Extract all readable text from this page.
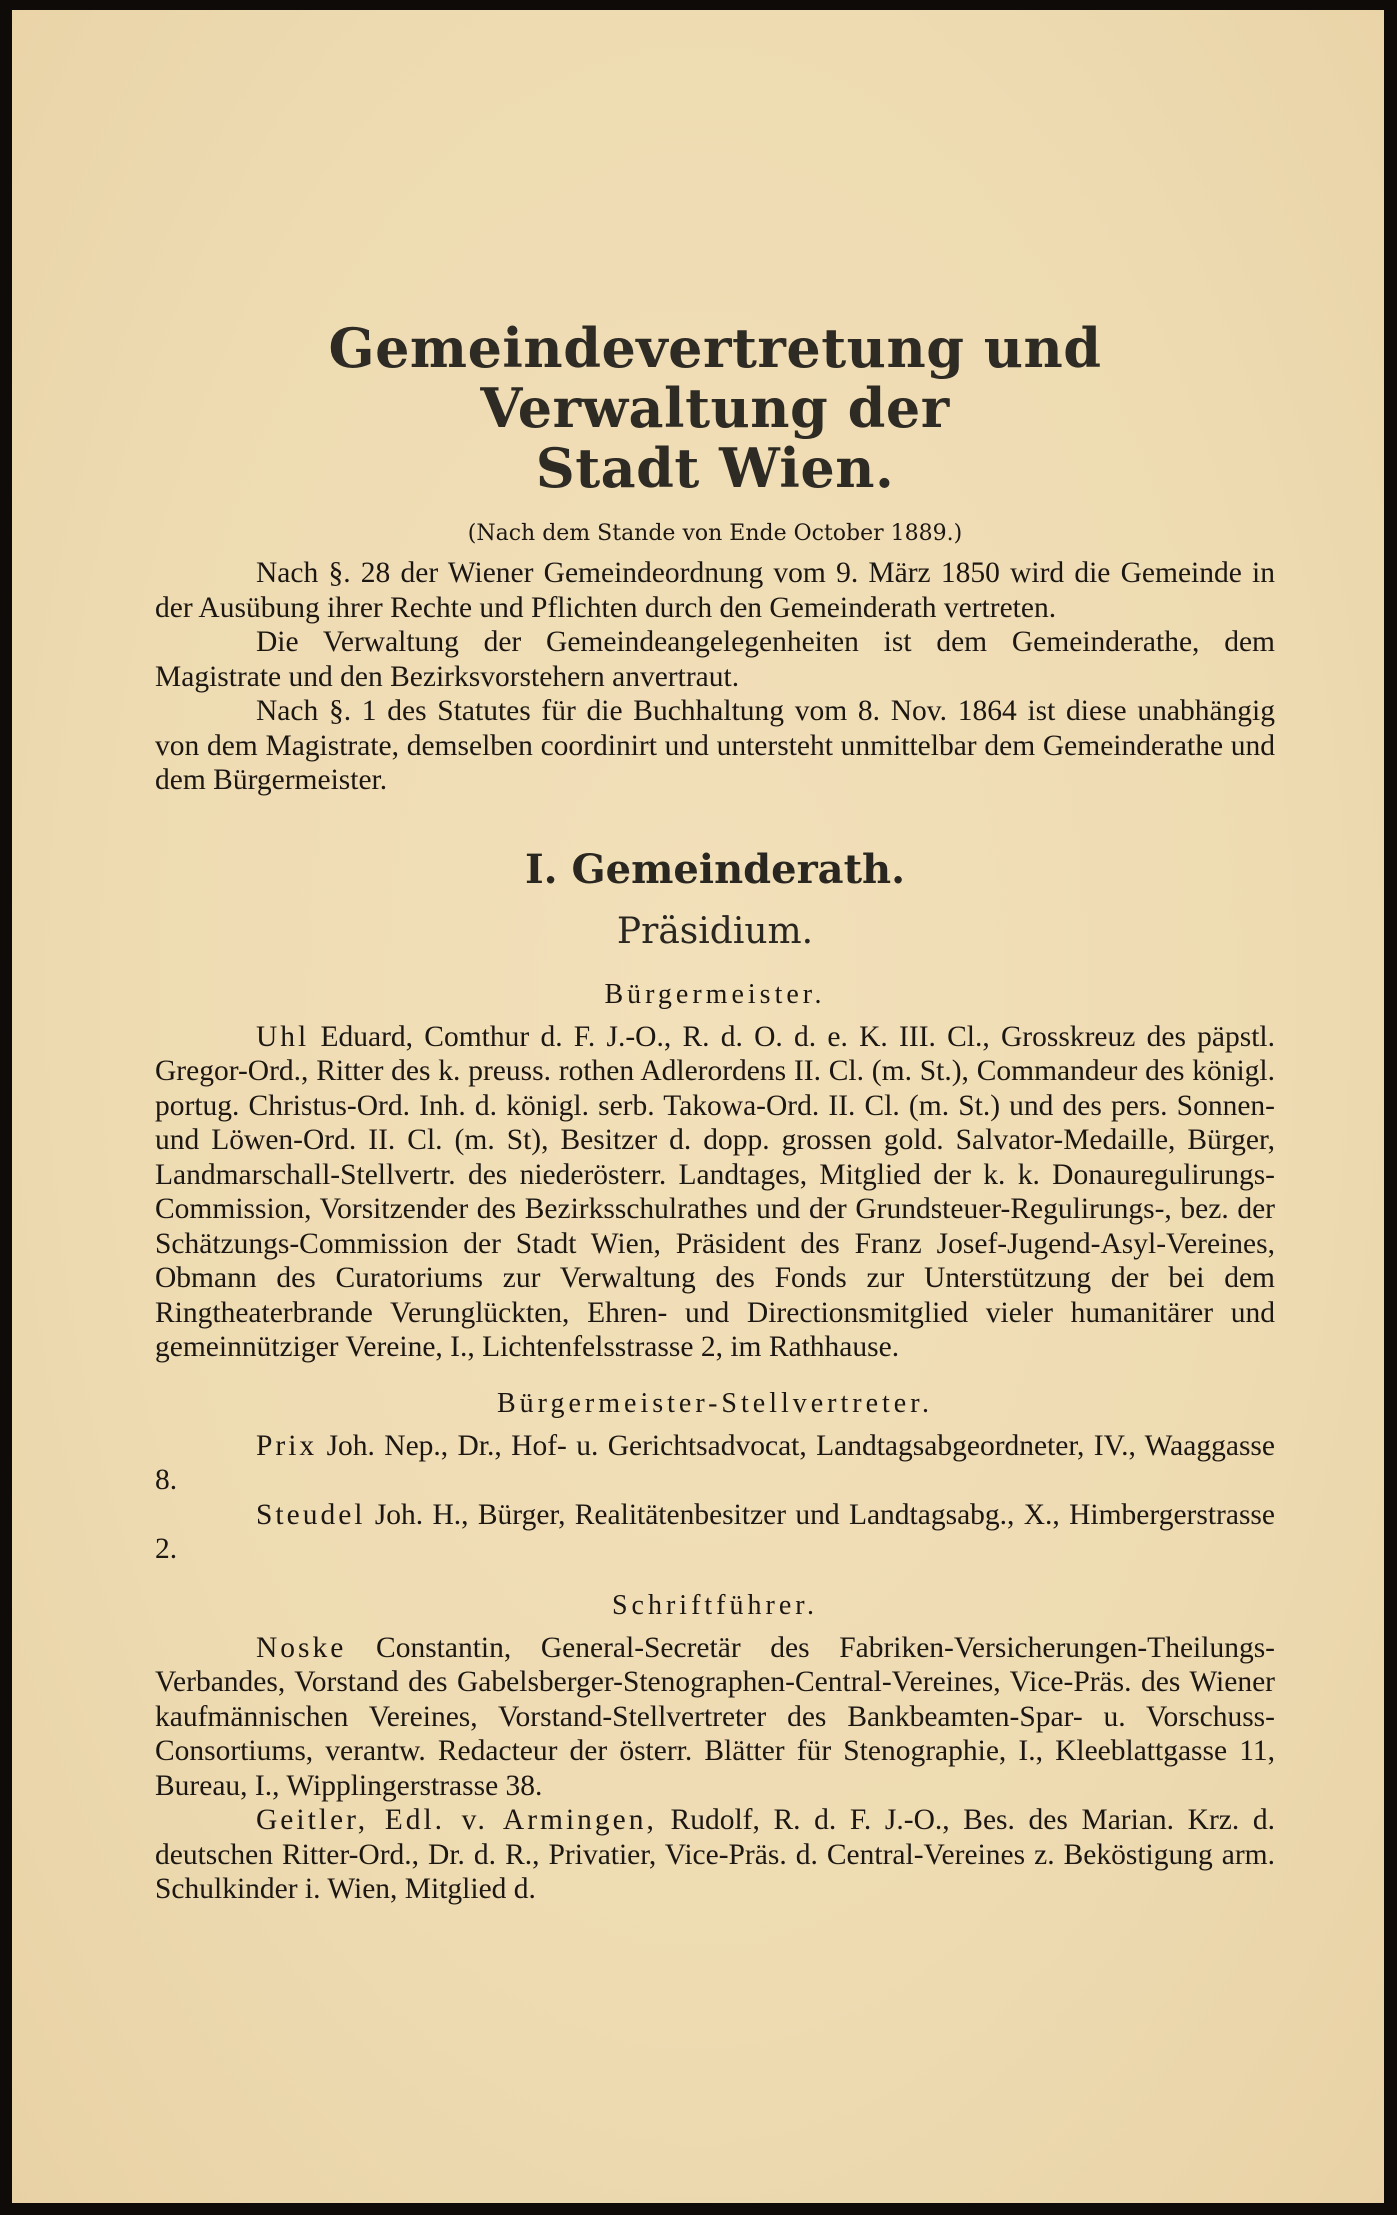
Gemeindevertretung und Verwaltung der
Stadt Wien.
(Nach dem Stande von Ende October 1889.)

Nach §. 28 der Wiener Gemeindeordnung vom 9. März 1850 wird die Gemeinde in der Ausübung ihrer Rechte und Pflichten durch den Gemeinderath vertreten.

Die Verwaltung der Gemeindeangelegenheiten ist dem Gemeinderathe, dem Magistrate und den Bezirksvorstehern anvertraut.

Nach §. 1 des Statutes für die Buchhaltung vom 8. Nov. 1864 ist diese unabhängig von dem Magistrate, demselben coordinirt und untersteht unmittelbar dem Gemeinderathe und dem Bürgermeister.

I. Gemeinderath.
Präsidium.
Bürgermeister.

Uhl Eduard, Comthur d. F. J.-O., R. d. O. d. e. K. III. Cl., Grosskreuz des päpstl. Gregor-Ord., Ritter des k. preuss. rothen Adlerordens II. Cl. (m. St.), Commandeur des königl. portug. Christus-Ord. Inh. d. königl. serb. Takowa-Ord. II. Cl. (m. St.) und des pers. Sonnen- und Löwen-Ord. II. Cl. (m. St), Besitzer d. dopp. grossen gold. Salvator-Medaille, Bürger, Landmarschall-Stellvertr. des niederösterr. Landtages, Mitglied der k. k. Donauregulirungs-Commission, Vorsitzender des Bezirksschulrathes und der Grundsteuer-Regulirungs-, bez. der Schätzungs-Commission der Stadt Wien, Präsident des Franz Josef-Jugend-Asyl-Vereines, Obmann des Curatoriums zur Verwaltung des Fonds zur Unterstützung der bei dem Ringtheaterbrande Verunglückten, Ehren- und Directionsmitglied vieler humanitärer und gemeinnütziger Vereine, I., Lichtenfelsstrasse 2, im Rathhause.

Bürgermeister-Stellvertreter.

Prix Joh. Nep., Dr., Hof- u. Gerichtsadvocat, Landtagsabgeordneter, IV., Waaggasse 8.

Steudel Joh. H., Bürger, Realitätenbesitzer und Landtagsabg., X., Himbergerstrasse 2.

Schriftführer.

Noske Constantin, General-Secretär des Fabriken-Versicherungen-Theilungs-Verbandes, Vorstand des Gabelsberger-Stenographen-Central-Vereines, Vice-Präs. des Wiener kaufmännischen Vereines, Vorstand-Stellvertreter des Bankbeamten-Spar- u. Vorschuss-Consortiums, verantw. Redacteur der österr. Blätter für Stenographie, I., Kleeblattgasse 11, Bureau, I., Wipplingerstrasse 38.

Geitler, Edl. v. Armingen, Rudolf, R. d. F. J.-O., Bes. des Marian. Krz. d. deutschen Ritter-Ord., Dr. d. R., Privatier, Vice-Präs. d. Central-Vereines z. Beköstigung arm. Schulkinder i. Wien, Mitglied d.
